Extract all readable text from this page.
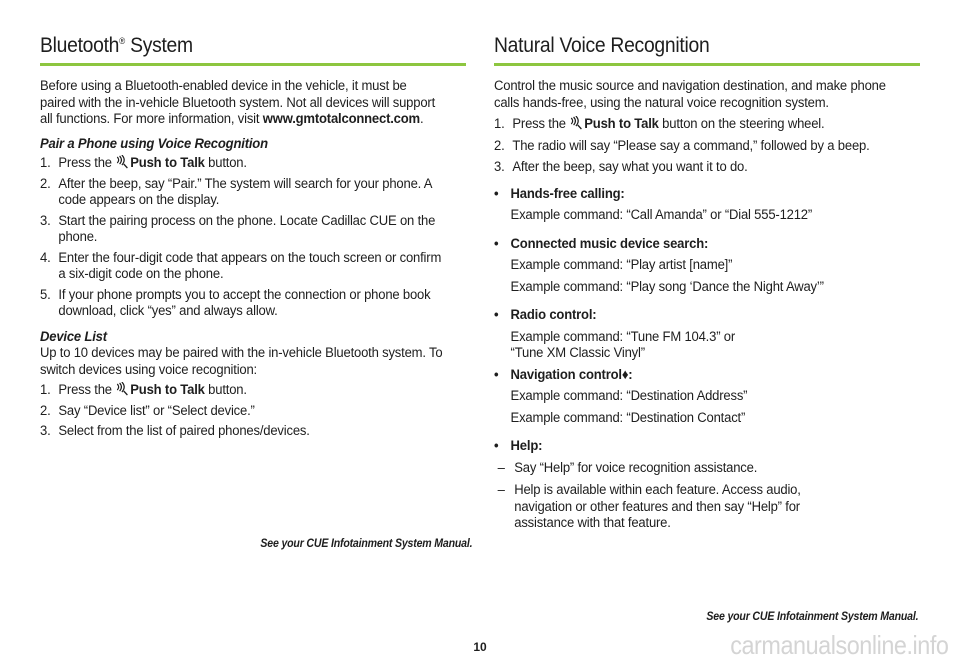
Bluetooth® System

Before using a Bluetooth-enabled device in the vehicle, it must be paired with the in-vehicle Bluetooth system. Not all devices will support all functions. For more information, visit www.gmtotalconnect.com.

Pair a Phone using Voice Recognition

1. Press the Push to Talk button.
2. After the beep, say “Pair.” The system will search for your phone. A code appears on the display.
3. Start the pairing process on the phone. Locate Cadillac CUE on the phone.
4. Enter the four-digit code that appears on the touch screen or confirm a six-digit code on the phone.
5. If your phone prompts you to accept the connection or phone book download, click “yes” and always allow.

Device List

Up to 10 devices may be paired with the in-vehicle Bluetooth system. To switch devices using voice recognition:

1. Press the Push to Talk button.
2. Say “Device list” or “Select device.”
3. Select from the list of paired phones/devices.
See your CUE Infotainment System Manual.
Natural Voice Recognition

Control the music source and navigation destination, and make phone calls hands-free, using the natural voice recognition system.

1. Press the Push to Talk button on the steering wheel.
2. The radio will say “Please say a command,” followed by a beep.
3. After the beep, say what you want it to do.
• Hands-free calling:
Example command: “Call Amanda” or “Dial 555-1212”
• Connected music device search:
Example command: “Play artist [name]”
Example command: “Play song ‘Dance the Night Away’”
• Radio control:
Example command: “Tune FM 104.3” or “Tune XM Classic Vinyl”
• Navigation control♦:
Example command: “Destination Address”
Example command: “Destination Contact”
• Help:
– Say “Help” for voice recognition assistance.
– Help is available within each feature. Access audio, navigation or other features and then say “Help” for assistance with that feature.
See your CUE Infotainment System Manual.
10	carmanualsonline.info
